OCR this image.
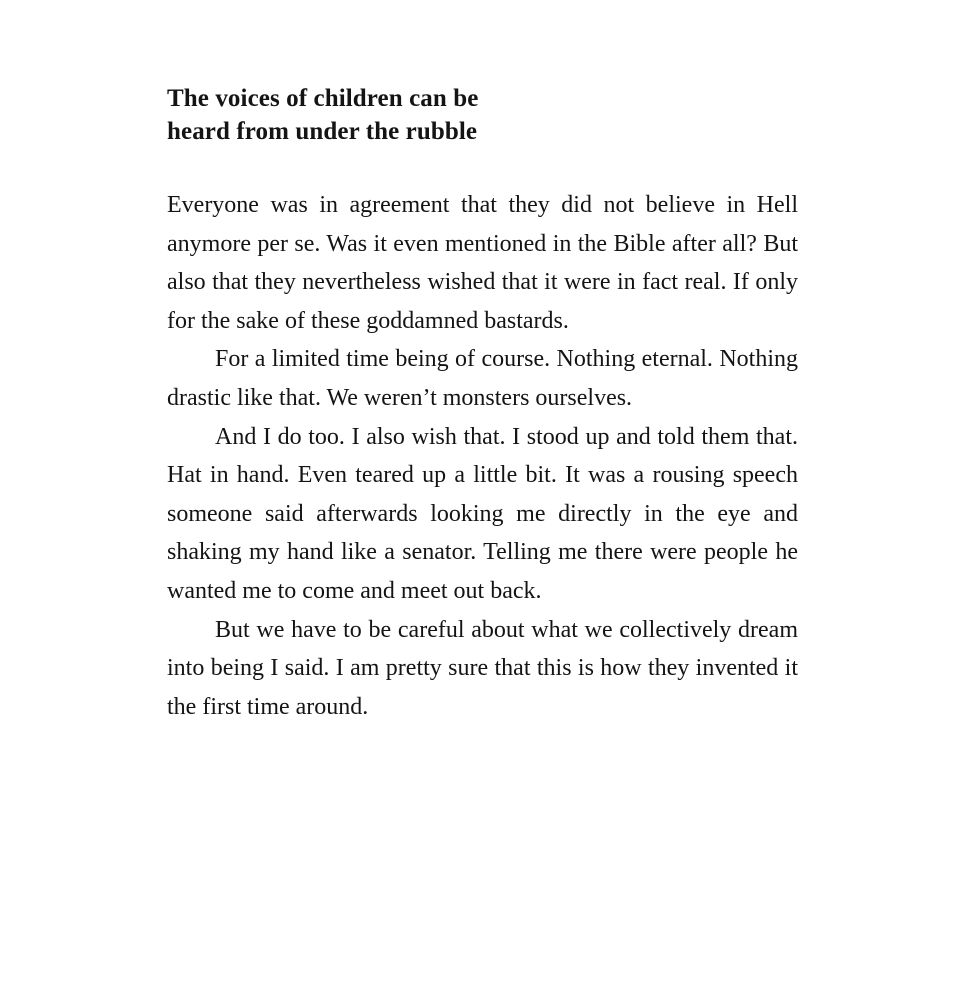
The voices of children can be
heard from under the rubble

Everyone was in agreement that they did not believe in Hell anymore per se. Was it even mentioned in the Bible after all? But also that they nevertheless wished that it were in fact real. If only for the sake of these goddamned bastards.

For a limited time being of course. Nothing eternal. Nothing drastic like that. We weren’t monsters ourselves.

And I do too. I also wish that. I stood up and told them that. Hat in hand. Even teared up a little bit. It was a rousing speech someone said afterwards looking me directly in the eye and shaking my hand like a senator. Telling me there were people he wanted me to come and meet out back.

But we have to be careful about what we collectively dream into being I said. I am pretty sure that this is how they invented it the first time around.
